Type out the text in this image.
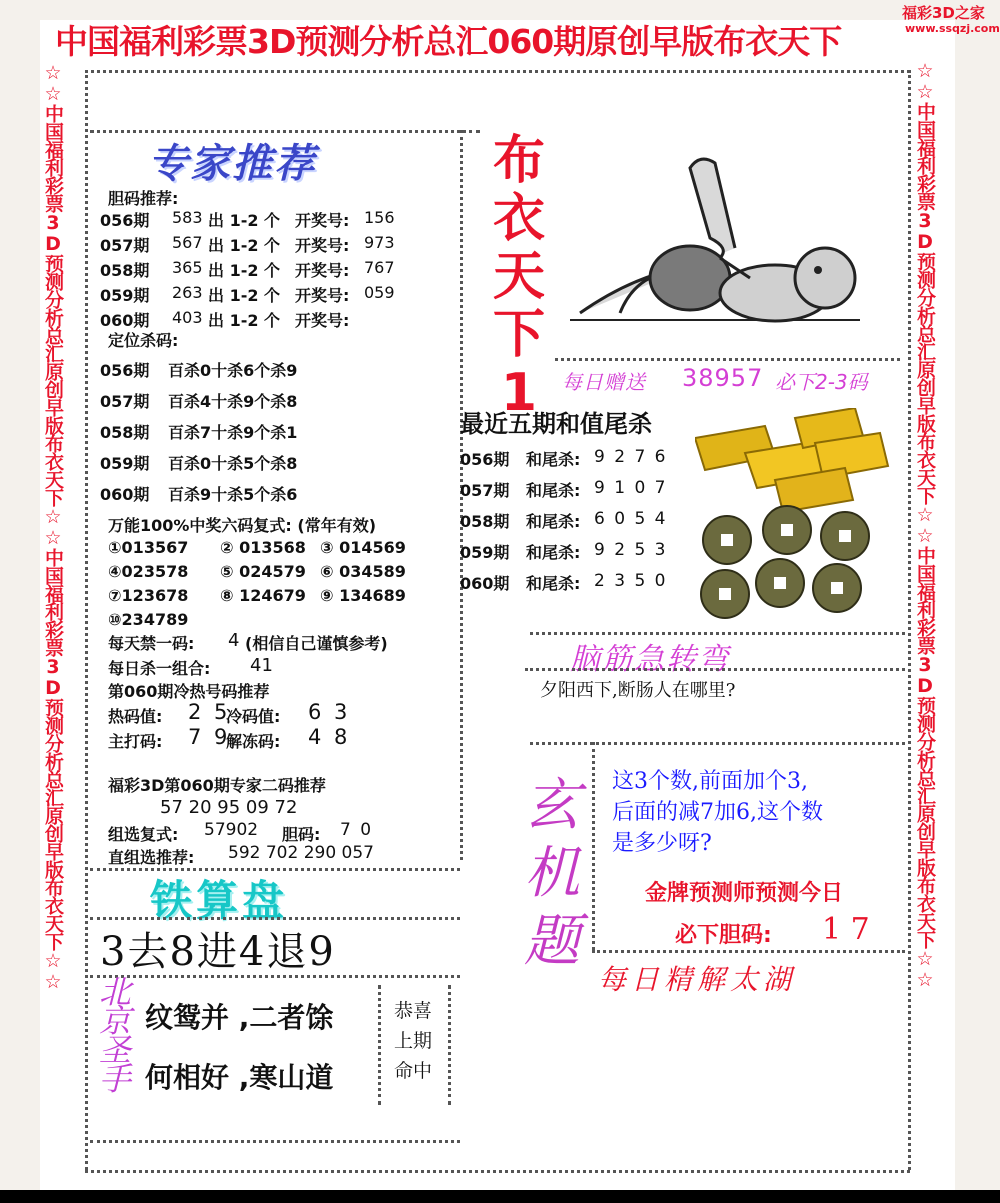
中国福利彩票3D预测分析总汇060期原创早版布衣天下
福彩3D之家
www.ssqzj.com
☆☆中国福利彩票3D预测分析总汇原创早版布衣天下☆☆中国福利彩票3D预测分析总汇原创早版布衣天下☆☆	☆☆中国福利彩票3D预测分析总汇原创早版布衣天下☆☆中国福利彩票3D预测分析总汇原创早版布衣天下☆☆
专家推荐
胆码推荐:
定位杀码:
万能100%中奖六码复式: (常年有效)
每天禁一码: 4 (相信自己谨慎参考)
每日杀一组合: 41
第060期冷热号码推荐
热码值: 2 5
冷码值: 6 3
主打码: 7 9
解冻码: 4 8
福彩3D第060期专家二码推荐
57 20 95 09 72
组选复式: 57902 胆码: 7 0
直组选推荐: 592 702 290 057
布衣天下1	每日赠送 38957 必下2-3码
最近五期和值尾杀
脑筋急转弯
夕阳西下,断肠人在哪里?
玄机题
这3个数,前面加个3,
后面的减7加6,这个数
是多少呀?
金牌预测师预测今日
必下胆码: 1 7
每日精解太湖
铁算盘
3去8进4退9
北京圣手
纹鸳并 ,二者馀
何相好 ,寒山道
恭喜上期命中
056期 583 出 1-2 个 开奖号: 156
057期 567 出 1-2 个 开奖号: 973
058期 365 出 1-2 个 开奖号: 767
059期 263 出 1-2 个 开奖号: 059
060期 403 出 1-2 个 开奖号:
056期 百杀0十杀6个杀9
057期 百杀4十杀9个杀8
058期 百杀7十杀9个杀1
059期 百杀0十杀5个杀8
060期 百杀9十杀5个杀6
①013567 ② 013568 ③ 014569
④023578 ⑤ 024579 ⑥ 034589
⑦123678 ⑧ 124679 ⑨ 134689
⑩234789
056期 和尾杀: 9 2 7 6
057期 和尾杀: 9 1 0 7
058期 和尾杀: 6 0 5 4
059期 和尾杀: 9 2 5 3
060期 和尾杀: 2 3 5 0
